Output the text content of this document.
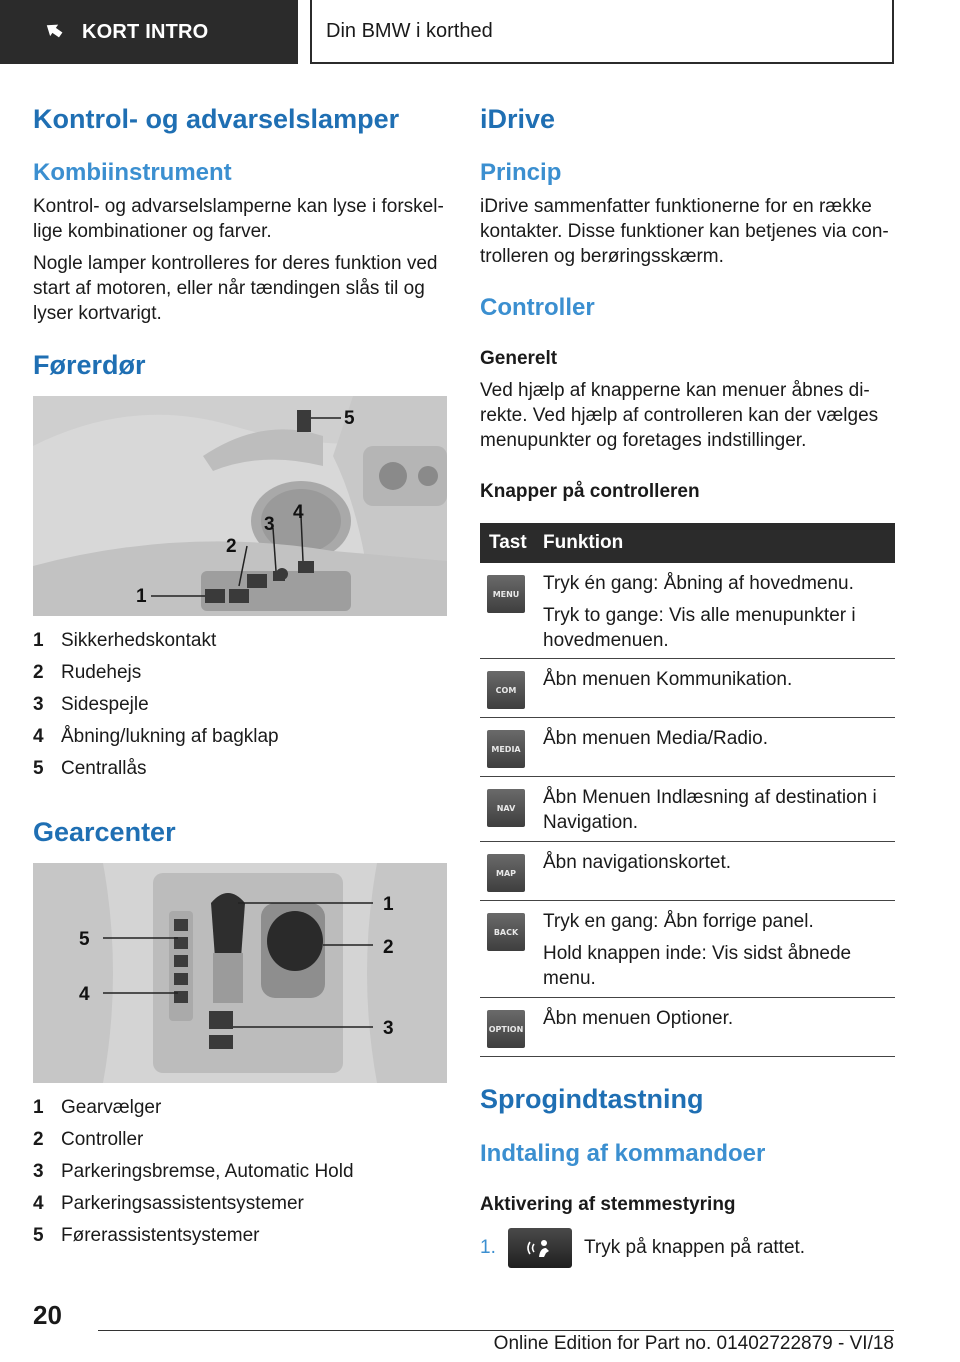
KORT INTRO	Din BMW i korthed
Kontrol- og advarselslamper
Kombiinstrument

Kontrol- og advarselslamperne kan lyse i forskel- lige kombinationer og farver.

Nogle lamper kontrolleres for deres funktion ved start af motoren, eller når tændingen slås til og lyser kortvarigt.

Førerdør
1
2
3
4
5
1 Sikkerhedskontakt
2 Rudehejs
3 Sidespejle
4 Åbning/lukning af bagklap
5 Centrallås
Gearcenter
1
2
3
4
5
1 Gearvælger
2 Controller
3 Parkeringsbremse, Automatic Hold
4 Parkeringsassistentsystemer
5 Førerassistentsystemer
iDrive
Princip

iDrive sammenfatter funktionerne for en række kontakter. Disse funktioner kan betjenes via con- trolleren og berøringsskærm.

Controller
Generelt

Ved hjælp af knapperne kan menuer åbnes di- rekte. Ved hjælp af controlleren kan der vælges menupunkter og foretages indstillinger.

Knapper på controlleren
Tast Funktion
MENU Tryk én gang: Åbning af hovedmenu.
Tryk to gange: Vis alle menupunkter i hovedmenuen.
COM	Åbn menuen Kommunikation.
MEDIA Åbn menuen Media/Radio.
NAV	Åbn Menuen Indlæsning af destination i Navigation.
MAP	Åbn navigationskortet.
BACK	Tryk en gang: Åbn forrige panel.
Hold knappen inde: Vis sidst åbnede menu.
OPTION Åbn menuen Optioner.
Sprogindtastning
Indtaling af kommandoer
Aktivering af stemmestyring
1.	Tryk på knappen på rattet.
20
Online Edition for Part no. 01402722879 - VI/18
